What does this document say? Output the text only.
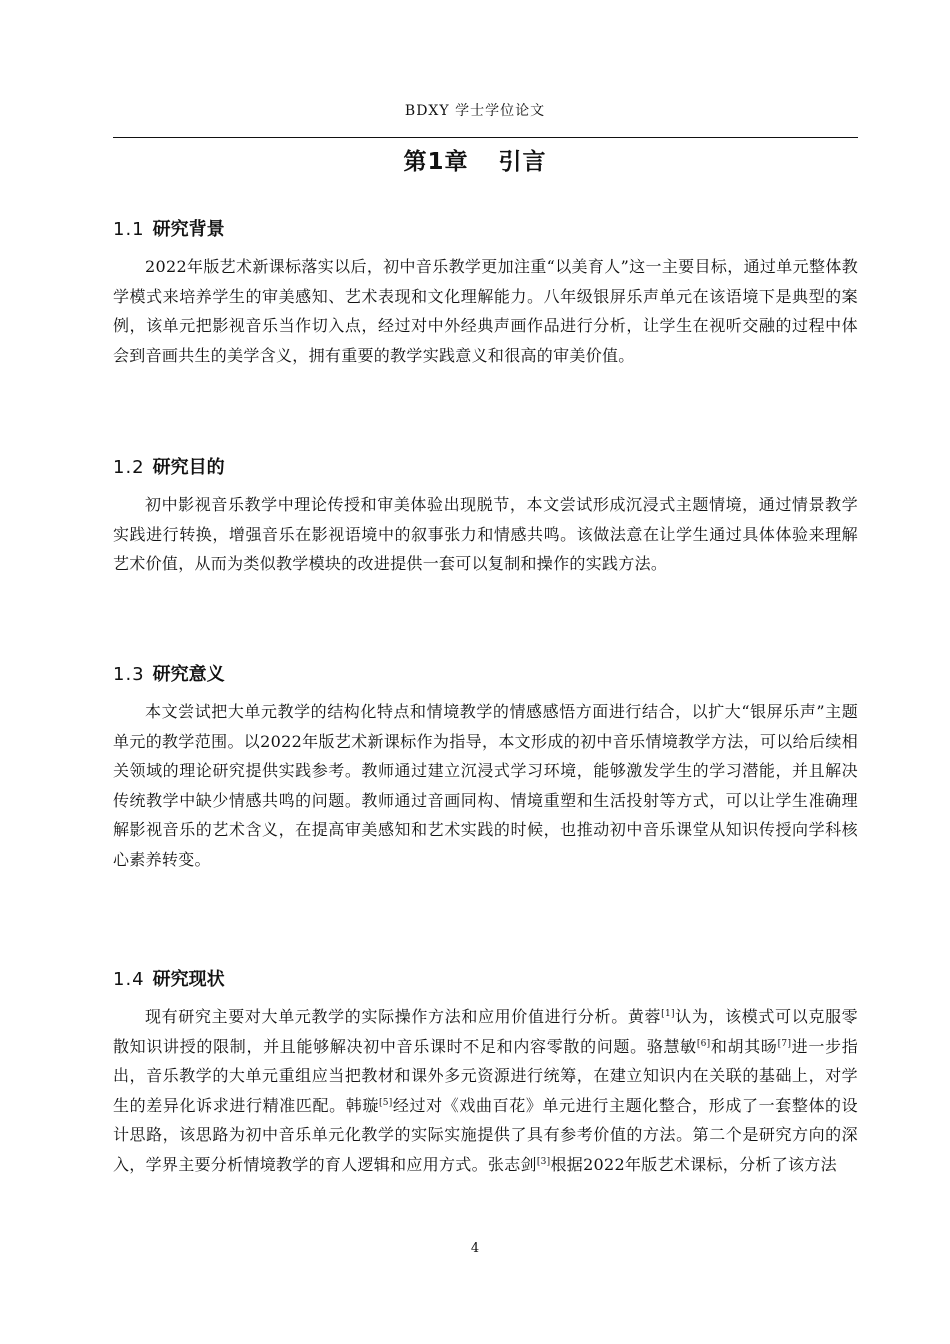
BDXY 学士学位论文
第1章 引言
1.1 研究背景

2022年版艺术新课标落实以后，初中音乐教学更加注重“以美育人”这一主要目标，通过单元整体教学模式来培养学生的审美感知、艺术表现和文化理解能力。八年级银屏乐声单元在该语境下是典型的案例，该单元把影视音乐当作切入点，经过对中外经典声画作品进行分析，让学生在视听交融的过程中体会到音画共生的美学含义，拥有重要的教学实践意义和很高的审美价值。

1.2 研究目的

初中影视音乐教学中理论传授和审美体验出现脱节，本文尝试形成沉浸式主题情境，通过情景教学实践进行转换，增强音乐在影视语境中的叙事张力和情感共鸣。该做法意在让学生通过具体体验来理解艺术价值，从而为类似教学模块的改进提供一套可以复制和操作的实践方法。

1.3 研究意义

本文尝试把大单元教学的结构化特点和情境教学的情感感悟方面进行结合，以扩大“银屏乐声”主题单元的教学范围。以2022年版艺术新课标作为指导，本文形成的初中音乐情境教学方法，可以给后续相关领域的理论研究提供实践参考。教师通过建立沉浸式学习环境，能够激发学生的学习潜能，并且解决传统教学中缺少情感共鸣的问题。教师通过音画同构、情境重塑和生活投射等方式，可以让学生准确理解影视音乐的艺术含义，在提高审美感知和艺术实践的时候，也推动初中音乐课堂从知识传授向学科核心素养转变。

1.4 研究现状

现有研究主要对大单元教学的实际操作方法和应用价值进行分析。黄蓉[1]认为，该模式可以克服零散知识讲授的限制，并且能够解决初中音乐课时不足和内容零散的问题。骆慧敏[6]和胡其旸[7]进一步指出，音乐教学的大单元重组应当把教材和课外多元资源进行统筹，在建立知识内在关联的基础上，对学生的差异化诉求进行精准匹配。韩璇[5]经过对《戏曲百花》单元进行主题化整合，形成了一套整体的设计思路，该思路为初中音乐单元化教学的实际实施提供了具有参考价值的方法。第二个是研究方向的深入，学界主要分析情境教学的育人逻辑和应用方式。张志剑[3]根据2022年版艺术课标，分析了该方法

4
